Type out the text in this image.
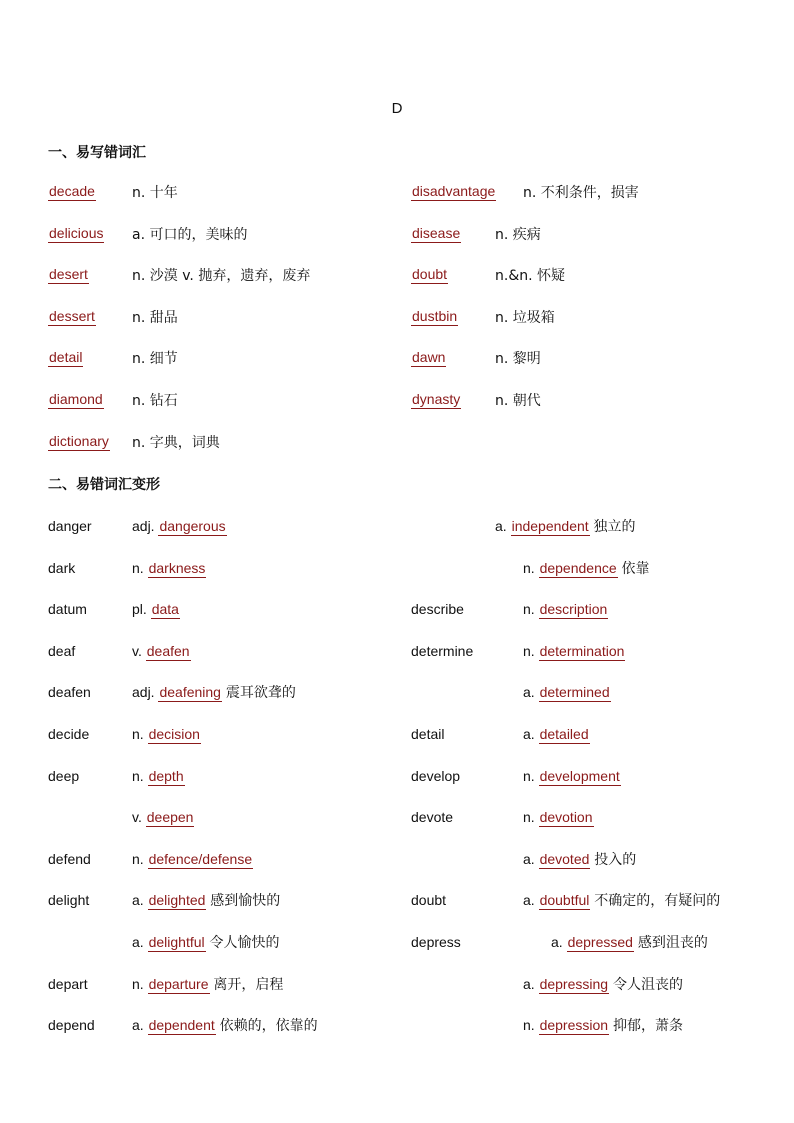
D
一、易写错词汇
decade	n. 十年	disadvantage n. 不利条件，损害
delicious a. 可口的，美味的	disease n. 疾病
desert	n. 沙漠 v. 抛弃，遗弃，废弃	doubt	n.&n. 怀疑
dessert	n. 甜品	dustbin	n. 垃圾箱
detail	n. 细节	dawn	n. 黎明
diamond n. 钻石	dynasty n. 朝代
dictionary n. 字典，词典
二、易错词汇变形
danger	adj. dangerous	a. independent 独立的
dark	n. darkness	n. dependence 依靠
datum	pl. data	describe	n. description
deaf	v. deafen	determine	n. determination
deafen	adj. deafening 震耳欲聋的	a. determined
decide	n. decision	detail	a. detailed
deep	n. depth	develop	n. development
v. deepen	devote	n. devotion
defend	n. defence/defense	a. devoted 投入的
delight	a. delighted 感到愉快的	doubt	a. doubtful 不确定的，有疑问的
a. delightful 令人愉快的	depress	a. depressed 感到沮丧的
depart	n. departure 离开，启程	a. depressing 令人沮丧的
depend	a. dependent 依赖的，依靠的	n. depression 抑郁，萧条
